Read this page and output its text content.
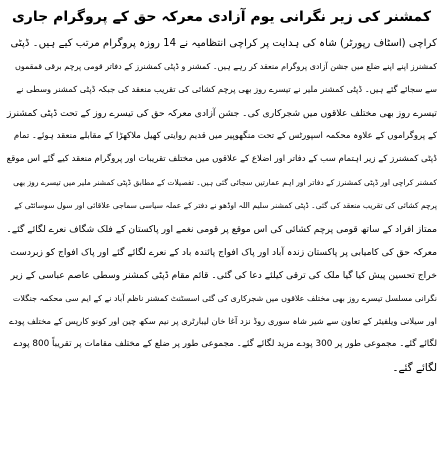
کمشنر کی زیر نگرانی یوم آزادی معرکہ حق کے پروگرام جاری
کراچی (اسٹاف رپورٹر) شاہ کی ہدایت پر کراچی انتظامیہ نے 14 روزہ پروگرام مرتب کیے ہیں۔ ڈپٹی
کمشنرز اپنے اپنے ضلع میں جشن آزادی پروگرام منعقد کر رہے ہیں۔ کمشنر و ڈپٹی کمشنرز کے دفاتر قومی پرچم برقی قمقموں
سے سجائے گئے ہیں۔ ڈپٹی کمشنر ملیر نے تیسرے روز بھی پرچم کشائی کی تقریب منعقد کی جبکہ ڈپٹی کمشنر وسطی نے
تیسرے روز بھی مختلف علاقوں میں شجرکاری کی۔ جشن آزادی معرکہ حق کی تیسرے روز کے تحت ڈپٹی کمشنرز
کے پروگراموں کے علاوہ محکمہ اسپورٹس کے تحت منگھوپیر میں قدیم روایتی کھیل ملاکھڑا کے مقابلے منعقد ہوئے۔ تمام
ڈپٹی کمشنرز کے زیر اہتمام سب کے دفاتر اور اضلاع کے علاقوں میں مختلف تقریبات اور پروگرام منعقد کیے گئے اس موقع
کمشنر کراچی اور ڈپٹی کمشنرز کے دفاتر اور اہم عمارتیں سجائی گئی ہیں۔ تفصیلات کے مطابق ڈپٹی کمشنر ملیر میں تیسرے روز بھی
پرچم کشائی کی تقریب منعقد کی گئی۔ ڈپٹی کمشنر سلیم اللہ اوڈھو نے دفتر کے عملہ سیاسی سماجی علاقائی اور سول سوسائٹی کے
ممتاز افراد کے ساتھ قومی پرچم کشائی کی اس موقع پر قومی نغمے اور پاکستان کے فلک شگاف نعرے لگائے گئے۔
معرکہ حق کی کامیابی پر پاکستان زندہ آباد اور پاک افواج پائندہ باد کے نعرے لگائے گئے اور پاک افواج کو زبردست
خراج تحسین پیش کیا گیا ملک کی ترقی کیلئے دعا کی گئی۔ قائم مقام ڈپٹی کمشنر وسطی عاصم عباسی کے زیر
نگرانی مسلسل تیسرے روز بھی مختلف علاقوں میں شجرکاری کی گئی اسسٹنٹ کمشنر ناظم آباد نے کے ایم سی محکمہ جنگلات
اور سیلانی ویلفیئر کے تعاون سے شیر شاہ سوری روڈ نزد آغا خان لیبارٹری پر نیم سکھ چین اور کونو کارپس کے مختلف پودے
لگائے گئے۔ مجموعی طور پر 300 پودے مزید لگائے گئے۔ مجموعی طور پر ضلع کے مختلف مقامات پر تقریباً 800 پودے
لگائے گئے۔
